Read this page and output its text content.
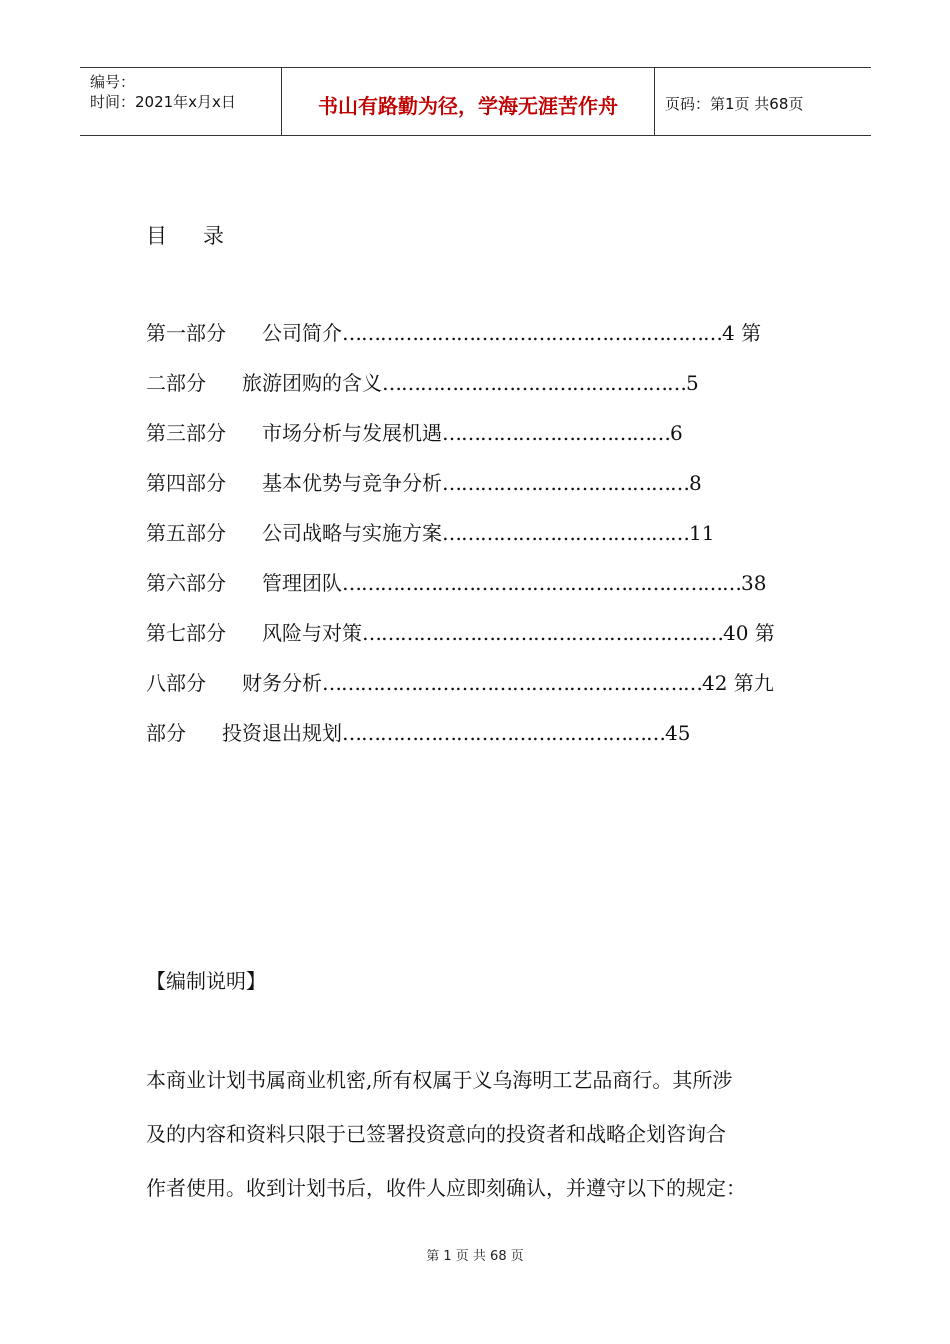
编号：
时间：2021年x月x日	书山有路勤为径，学海无涯苦作舟	页码：第1页 共68页
目 录
第一部分 公司简介……………………………………………………4 第
二部分 旅游团购的含义…………………………………………5
第三部分 市场分析与发展机遇………………………………6
第四部分 基本优势与竞争分析…………………………………8
第五部分 公司战略与实施方案…………………………………11
第六部分 管理团队………………………………………………………38
第七部分 风险与对策…………………………………………………40 第
八部分 财务分析……………………………………………………42 第九
部分 投资退出规划……………………………………………45
【编制说明】
本商业计划书属商业机密,所有权属于义乌海明工艺品商行。其所涉
及的内容和资料只限于已签署投资意向的投资者和战略企划咨询合
作者使用。收到计划书后，收件人应即刻确认，并遵守以下的规定：
第 1 页 共 68 页
